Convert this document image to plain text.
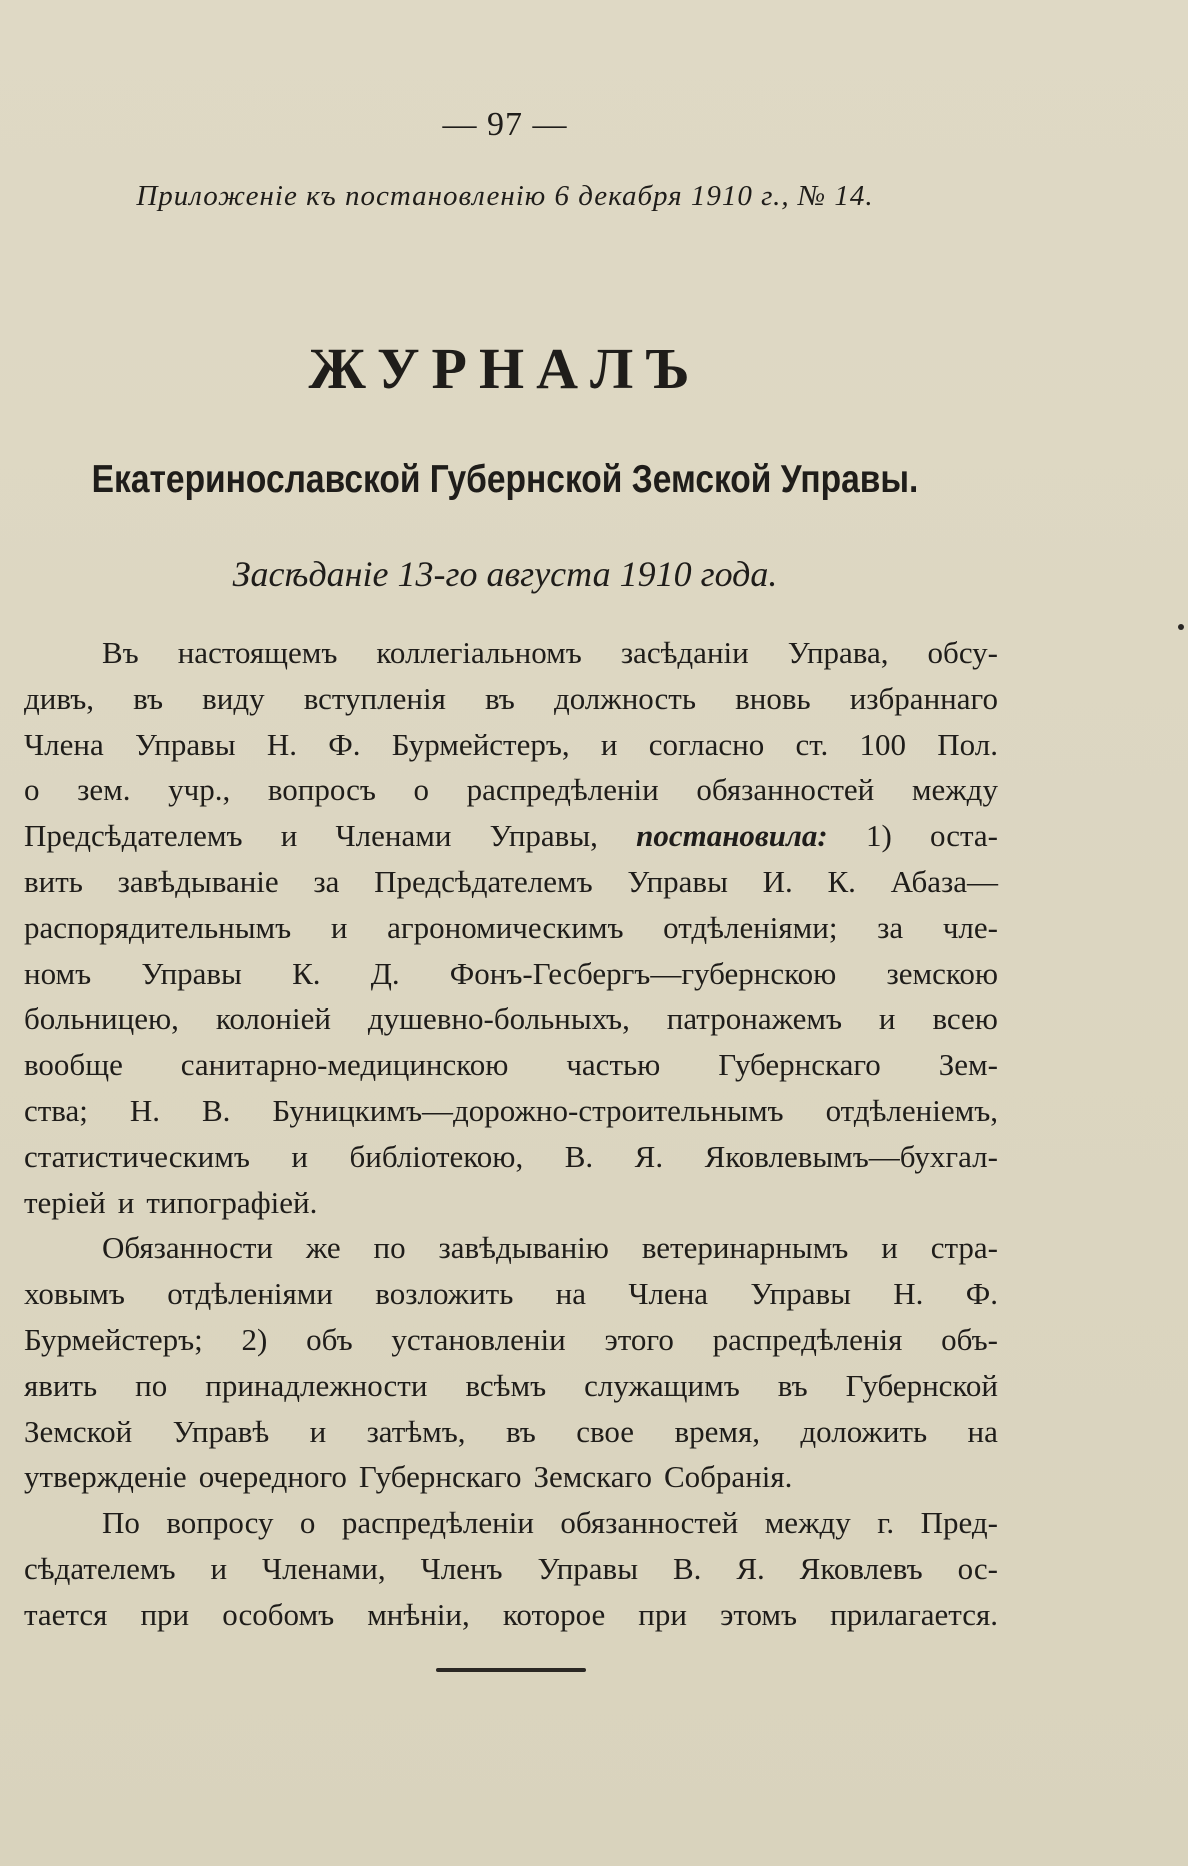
— 97 —
Приложеніе къ постановленію 6 декабря 1910 г., № 14.
ЖУРНАЛЪ
Екатеринославской Губернской Земской Управы.
Засѣданіе 13-го августа 1910 года.
Въ настоящемъ коллегіальномъ засѣданіи Управа, обсу-
дивъ, въ виду вступленія въ должность вновь избраннаго
Члена Управы Н. Ф. Бурмейстеръ, и согласно ст. 100 Пол.
о зем. учр., вопросъ о распредѣленіи обязанностей между
Предсѣдателемъ и Членами Управы, постановила: 1) оста-
вить завѣдываніе за Предсѣдателемъ Управы И. К. Абаза—
распорядительнымъ и агрономическимъ отдѣленіями; за чле-
номъ Управы К. Д. Фонъ-Гесбергъ—губернскою земскою
больницею, колоніей душевно-больныхъ, патронажемъ и всею
вообще санитарно-медицинскою частью Губернскаго Зем-
ства; Н. В. Буницкимъ—дорожно-строительнымъ отдѣленіемъ,
статистическимъ и библіотекою, В. Я. Яковлевымъ—бухгал-
теріей и типографіей.
Обязанности же по завѣдыванію ветеринарнымъ и стра-
ховымъ отдѣленіями возложить на Члена Управы Н. Ф.
Бурмейстеръ; 2) объ установленіи этого распредѣленія объ-
явить по принадлежности всѣмъ служащимъ въ Губернской
Земской Управѣ и затѣмъ, въ свое время, доложить на
утвержденіе очередного Губернскаго Земскаго Собранія.
По вопросу о распредѣленіи обязанностей между г. Пред-
сѣдателемъ и Членами, Членъ Управы В. Я. Яковлевъ ос-
тается при особомъ мнѣніи, которое при этомъ прилагается.
